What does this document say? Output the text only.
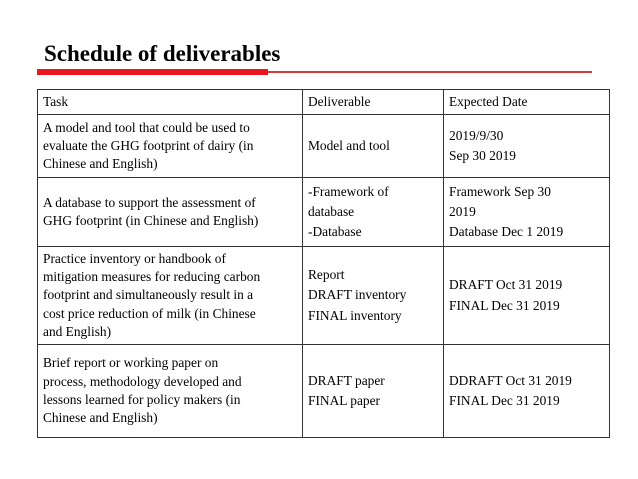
Schedule of deliverables
Task	Deliverable	Expected Date

A model and tool that could be used to
evaluate the GHG footprint of dairy (in
Chinese and English)	Model and tool	2019/9/30
Sep 30 2019

A database to support the assessment of
GHG footprint (in Chinese and English)	-Framework of
database
-Database	Framework Sep 30
2019
Database Dec 1 2019

Practice inventory or handbook of
mitigation measures for reducing carbon
footprint and simultaneously result in a
cost price reduction of milk (in Chinese
and English)	Report
DRAFT inventory
FINAL inventory	DRAFT Oct 31 2019
FINAL Dec 31 2019

Brief report or working paper on
process, methodology developed and
lessons learned for policy makers (in
Chinese and English)	DRAFT paper
FINAL paper	DDRAFT Oct 31 2019
FINAL Dec 31 2019
